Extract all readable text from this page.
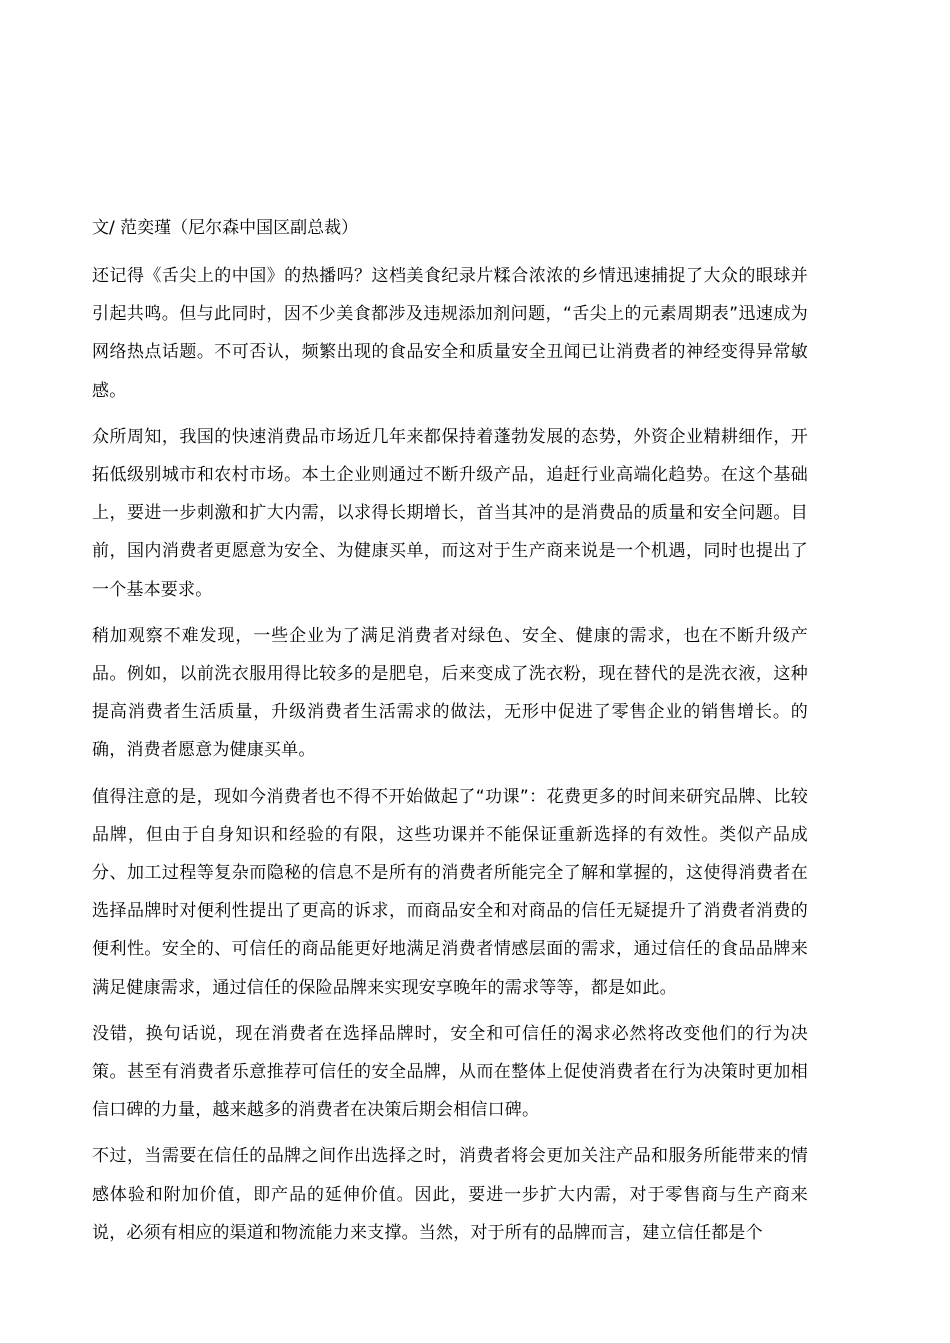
文/ 范奕瑾（尼尔森中国区副总裁）

还记得《舌尖上的中国》的热播吗？这档美食纪录片糅合浓浓的乡情迅速捕捉了大众的眼球并引起共鸣。但与此同时，因不少美食都涉及违规添加剂问题，“舌尖上的元素周期表”迅速成为网络热点话题。不可否认，频繁出现的食品安全和质量安全丑闻已让消费者的神经变得异常敏感。

众所周知，我国的快速消费品市场近几年来都保持着蓬勃发展的态势，外资企业精耕细作，开拓低级别城市和农村市场。本土企业则通过不断升级产品，追赶行业高端化趋势。在这个基础上，要进一步刺激和扩大内需，以求得长期增长，首当其冲的是消费品的质量和安全问题。目前，国内消费者更愿意为安全、为健康买单，而这对于生产商来说是一个机遇，同时也提出了一个基本要求。

稍加观察不难发现，一些企业为了满足消费者对绿色、安全、健康的需求，也在不断升级产品。例如，以前洗衣服用得比较多的是肥皂，后来变成了洗衣粉，现在替代的是洗衣液，这种提高消费者生活质量，升级消费者生活需求的做法，无形中促进了零售企业的销售增长。的确，消费者愿意为健康买单。

值得注意的是，现如今消费者也不得不开始做起了“功课”：花费更多的时间来研究品牌、比较品牌，但由于自身知识和经验的有限，这些功课并不能保证重新选择的有效性。类似产品成分、加工过程等复杂而隐秘的信息不是所有的消费者所能完全了解和掌握的，这使得消费者在选择品牌时对便利性提出了更高的诉求，而商品安全和对商品的信任无疑提升了消费者消费的便利性。安全的、可信任的商品能更好地满足消费者情感层面的需求，通过信任的食品品牌来满足健康需求，通过信任的保险品牌来实现安享晚年的需求等等，都是如此。

没错，换句话说，现在消费者在选择品牌时，安全和可信任的渴求必然将改变他们的行为决策。甚至有消费者乐意推荐可信任的安全品牌，从而在整体上促使消费者在行为决策时更加相信口碑的力量，越来越多的消费者在决策后期会相信口碑。

不过，当需要在信任的品牌之间作出选择之时，消费者将会更加关注产品和服务所能带来的情感体验和附加价值，即产品的延伸价值。因此，要进一步扩大内需，对于零售商与生产商来说，必须有相应的渠道和物流能力来支撑。当然，对于所有的品牌而言，建立信任都是个
